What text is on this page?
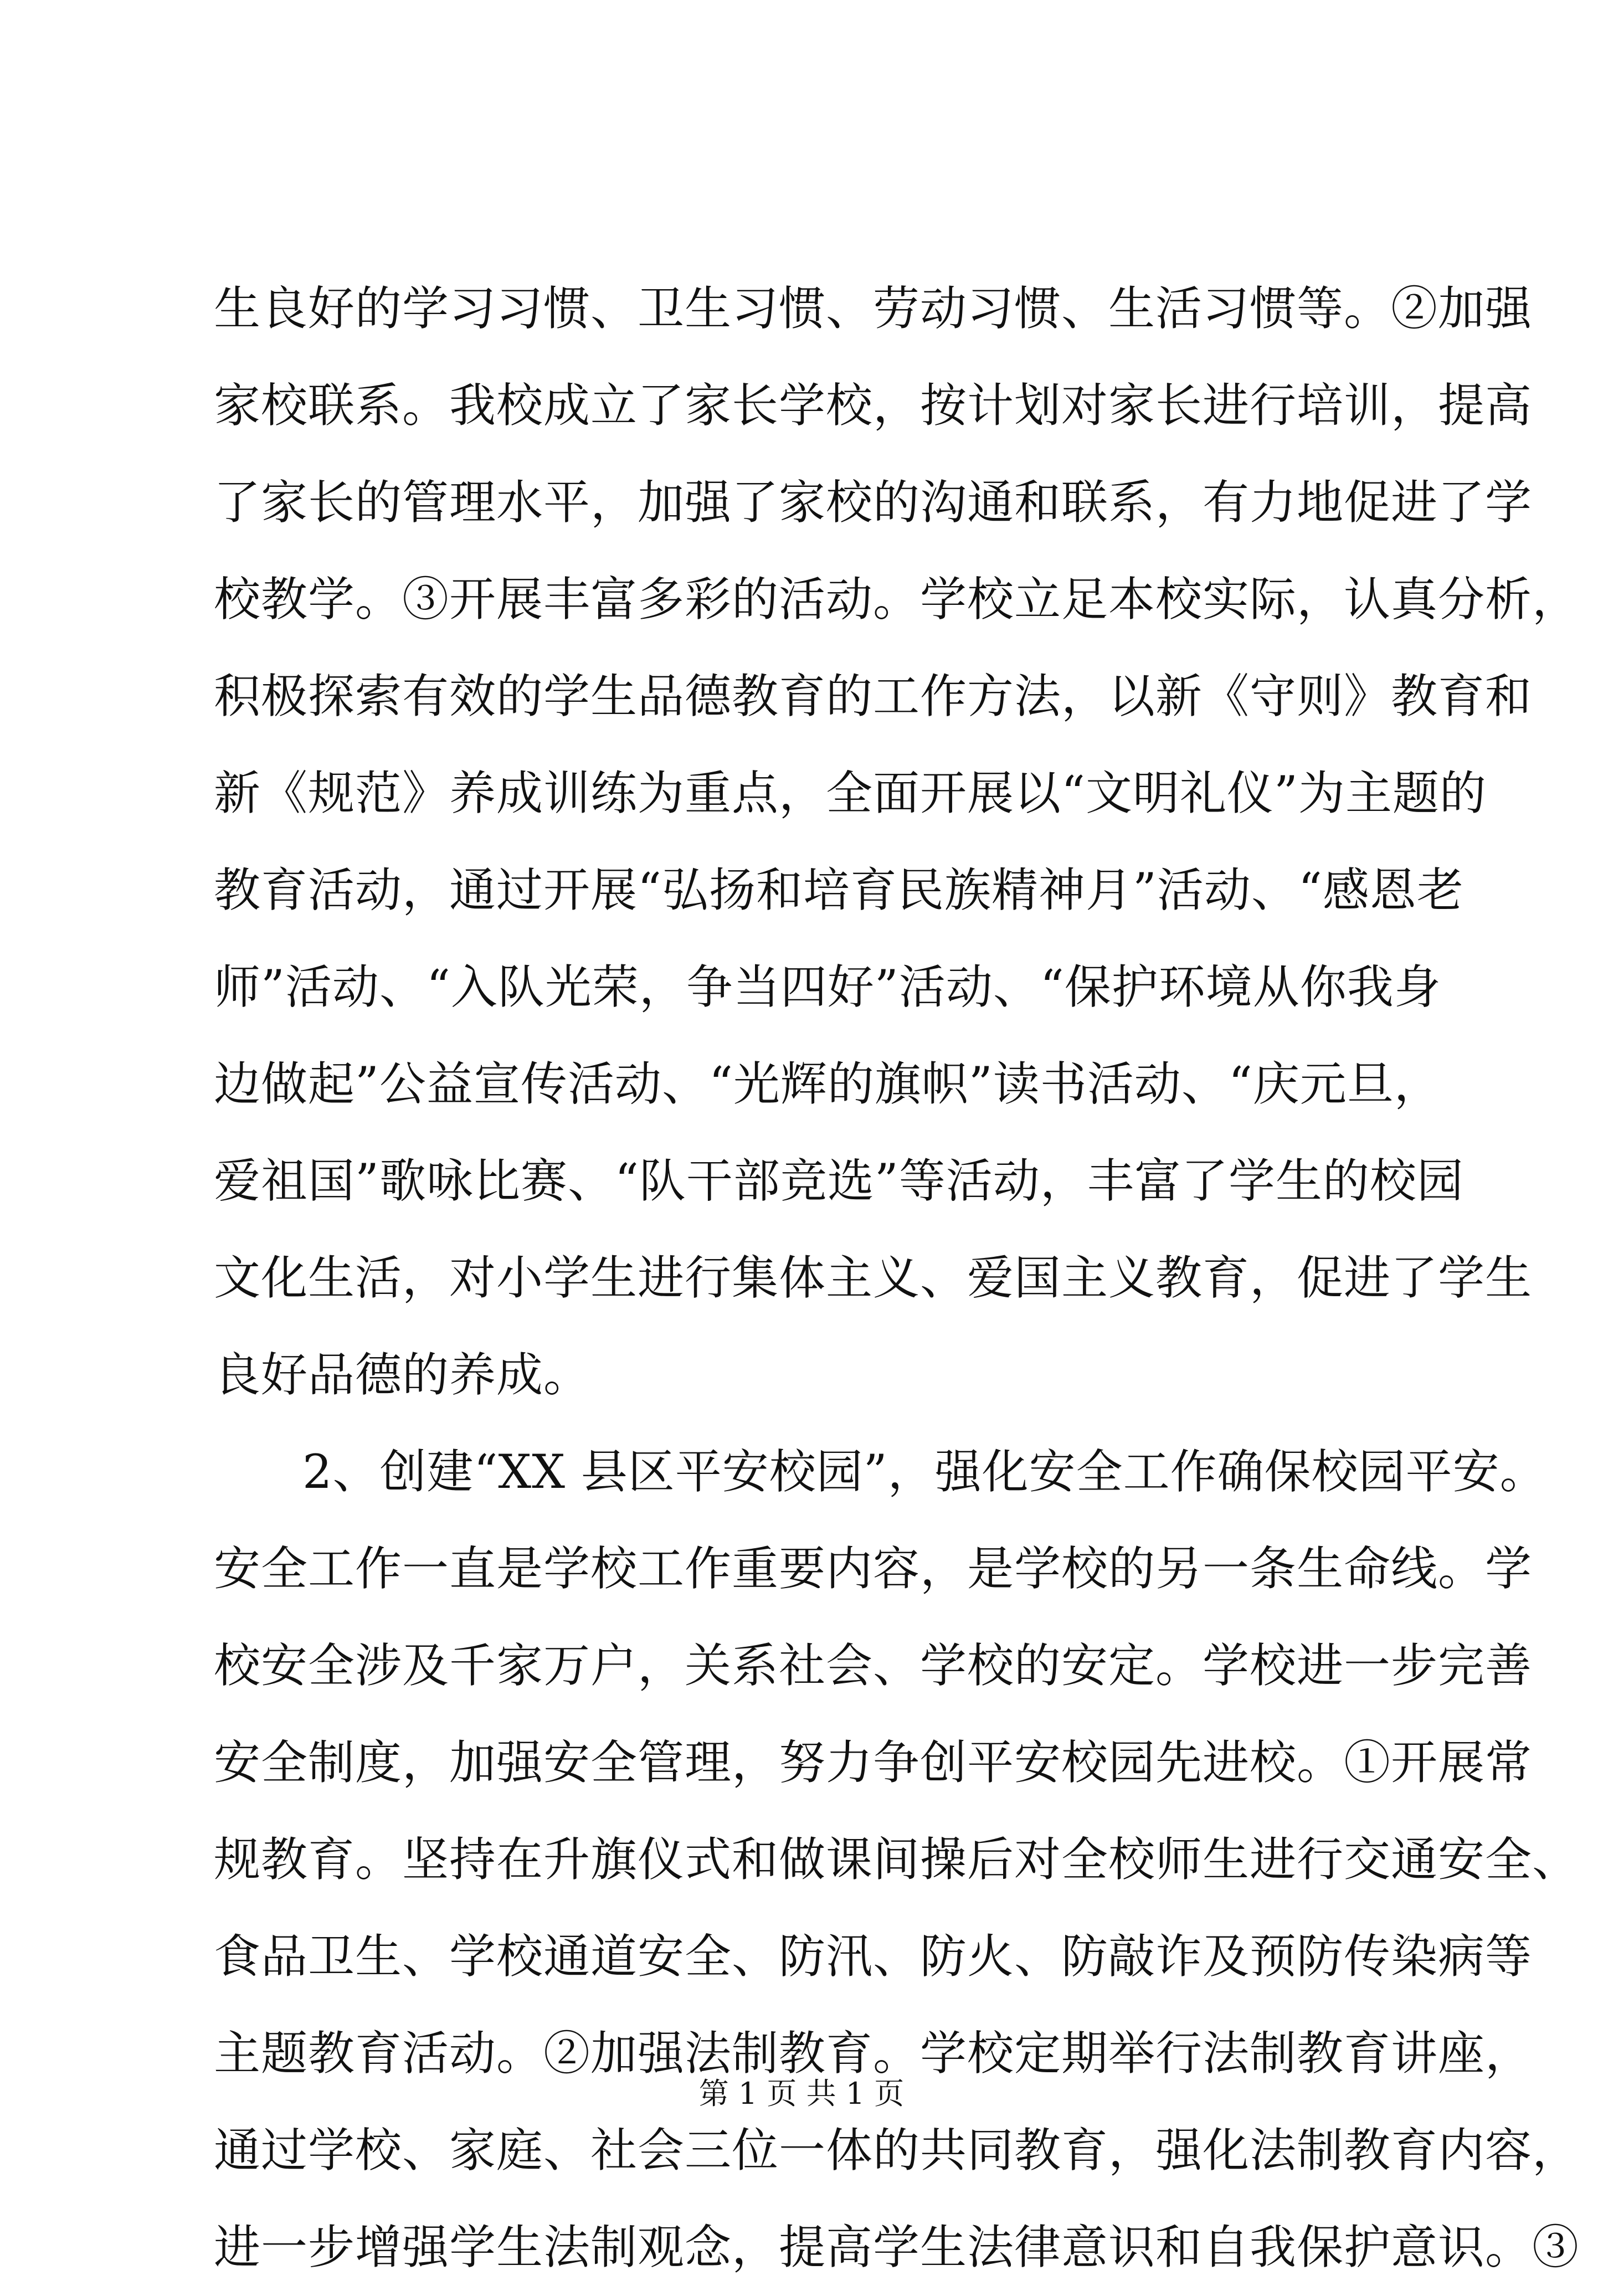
生良好的学习习惯、卫生习惯、劳动习惯、生活习惯等。②加强
家校联系。我校成立了家长学校，按计划对家长进行培训，提高
了家长的管理水平，加强了家校的沟通和联系，有力地促进了学
校教学。③开展丰富多彩的活动。学校立足本校实际，认真分析，
积极探索有效的学生品德教育的工作方法，以新《守则》教育和
新《规范》养成训练为重点，全面开展以“文明礼仪”为主题的
教育活动，通过开展“弘扬和培育民族精神月”活动、“感恩老
师”活动、“入队光荣，争当四好”活动、“保护环境从你我身
边做起”公益宣传活动、“光辉的旗帜”读书活动、“庆元旦，
爱祖国”歌咏比赛、“队干部竞选”等活动，丰富了学生的校园
文化生活，对小学生进行集体主义、爱国主义教育，促进了学生
良好品德的养成。
2、创建“XX 县区平安校园”，强化安全工作确保校园平安。
安全工作一直是学校工作重要内容，是学校的另一条生命线。学
校安全涉及千家万户，关系社会、学校的安定。学校进一步完善
安全制度，加强安全管理，努力争创平安校园先进校。①开展常
规教育。坚持在升旗仪式和做课间操后对全校师生进行交通安全、
食品卫生、学校通道安全、防汛、防火、防敲诈及预防传染病等
主题教育活动。②加强法制教育。学校定期举行法制教育讲座，
通过学校、家庭、社会三位一体的共同教育，强化法制教育内容，
进一步增强学生法制观念，提高学生法律意识和自我保护意识。③
第 1 页 共 1 页
